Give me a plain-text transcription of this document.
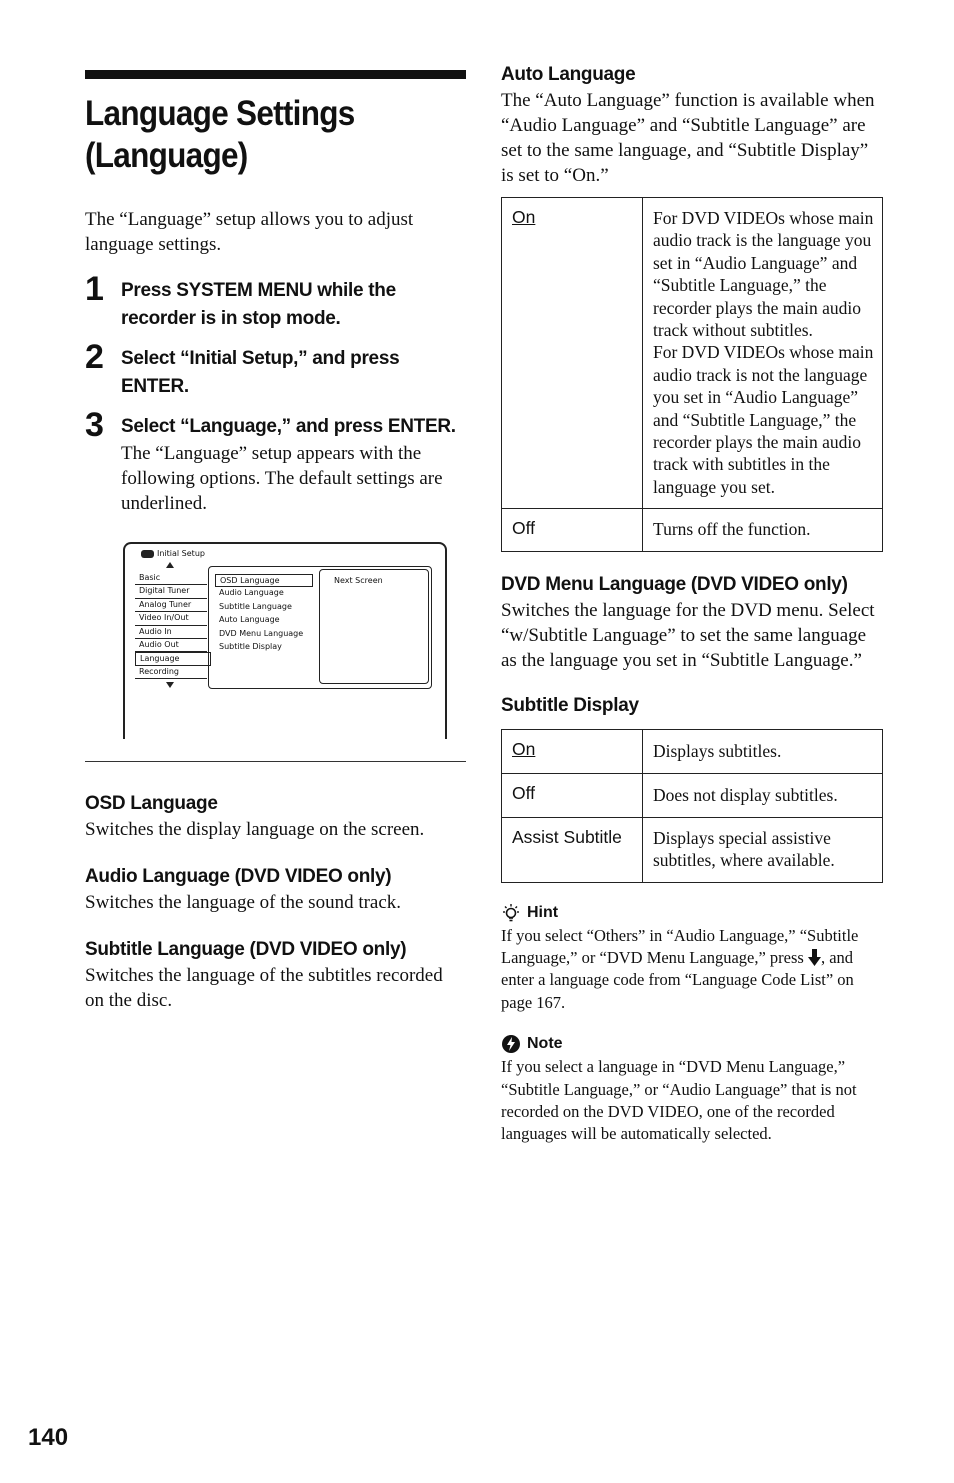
Language Settings (Language)
The “Language” setup allows you to adjust language settings.
1 Press SYSTEM MENU while the recorder is in stop mode.
2 Select “Initial Setup,” and press ENTER.
3 Select “Language,” and press ENTER.
The “Language” setup appears with the following options. The default settings are underlined.
Initial Setup
Basic
Digital Tuner
Analog Tuner
Video In/Out
Audio In
Audio Out
Language
Recording
OSD Language
Audio Language
Subtitle Language
Auto Language
DVD Menu Language
Subtitle Display
Next Screen
OSD Language
Switches the display language on the screen.
Audio Language (DVD VIDEO only)
Switches the language of the sound track.
Subtitle Language (DVD VIDEO only)
Switches the language of the subtitles recorded on the disc.
Auto Language
The “Auto Language” function is available when “Audio Language” and “Subtitle Language” are set to the same language, and “Subtitle Display” is set to “On.”
On	For DVD VIDEOs whose main audio track is the language you set in “Audio Language” and “Subtitle Language,” the recorder plays the main audio track without subtitles.
For DVD VIDEOs whose main audio track is not the language you set in “Audio Language” and “Subtitle Language,” the recorder plays the main audio track with subtitles in the language you set.

Off	Turns off the function.
DVD Menu Language (DVD VIDEO only)
Switches the language for the DVD menu. Select “w/Subtitle Language” to set the same language as the language you set in “Subtitle Language.”
Subtitle Display
On	Displays subtitles.

Off	Does not display subtitles.

Assist Subtitle	Displays special assistive subtitles, where available.
Hint
If you select “Others” in “Audio Language,” “Subtitle Language,” or “DVD Menu Language,” press , and enter a language code from “Language Code List” on page 167.
Note
If you select a language in “DVD Menu Language,” “Subtitle Language,” or “Audio Language” that is not recorded on the DVD VIDEO, one of the recorded languages will be automatically selected.
140
